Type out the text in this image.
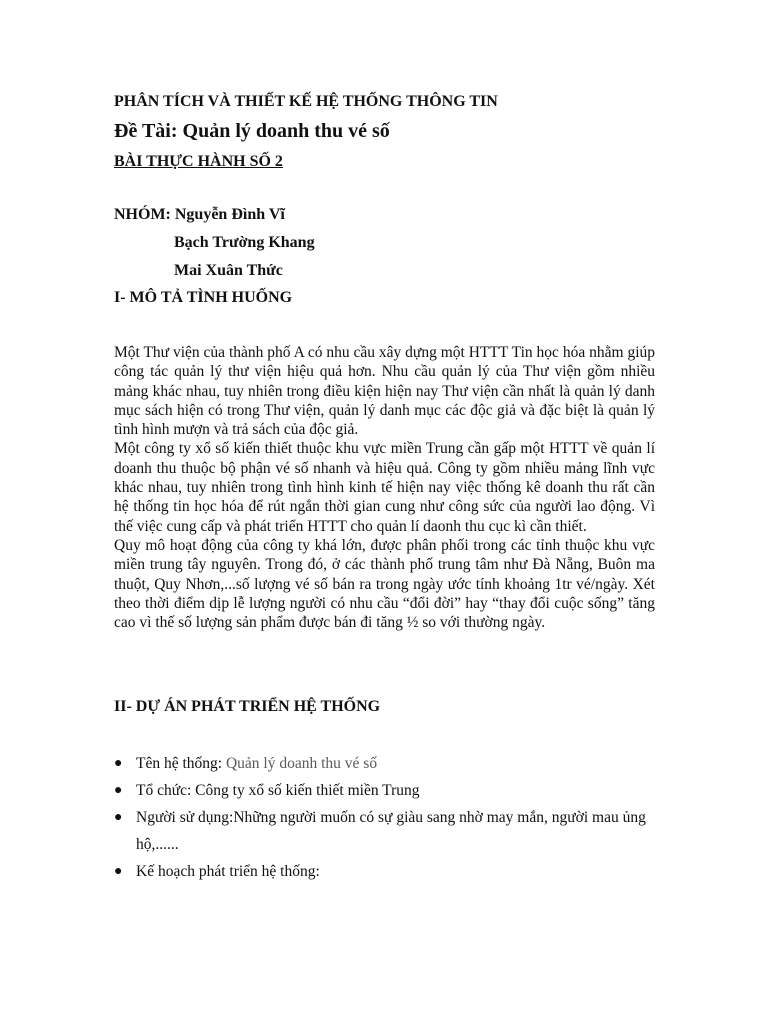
PHÂN TÍCH VÀ THIẾT KẾ HỆ THỐNG THÔNG TIN
Đề Tài: Quản lý doanh thu vé số
BÀI THỰC HÀNH SỐ 2
NHÓM: Nguyễn Đình Vĩ
Bạch Trường Khang
Mai Xuân Thức
I- MÔ TẢ TÌNH HUỐNG

Một Thư viện của thành phố A có nhu cầu xây dựng một HTTT Tin học hóa nhằm giúp công tác quản lý thư viện hiệu quả hơn. Nhu cầu quản lý của Thư viện gồm nhiều mảng khác nhau, tuy nhiên trong điều kiện hiện nay Thư viện cần nhất là quản lý danh mục sách hiện có trong Thư viện, quản lý danh mục các độc giả và đặc biệt là quản lý tình hình mượn và trả sách của độc giả.

Một công ty xổ số kiến thiết thuộc khu vực miền Trung cần gấp một HTTT về quản lí doanh thu thuộc bộ phận vé số nhanh và hiệu quả. Công ty gồm nhiều mảng lĩnh vực khác nhau, tuy nhiên trong tình hình kinh tế hiện nay việc thống kê doanh thu rất cần hệ thống tin học hóa để rút ngắn thời gian cung như công sức của người lao động. Vì thế việc cung cấp và phát triển HTTT cho quản lí daonh thu cục kì cần thiết.

Quy mô hoạt động của công ty khá lớn, được phân phối trong các tỉnh thuộc khu vực miền trung tây nguyên. Trong đó, ở các thành phố trung tâm như Đà Nẵng, Buôn ma thuột, Quy Nhơn,...số lượng vé số bán ra trong ngày ước tính khoảng 1tr vé/ngày. Xét theo thời điểm dịp lễ lượng người có nhu cầu “đổi đời” hay “thay đổi cuộc sống” tăng cao vì thế số lượng sản phẩm được bán đi tăng ½ so với thường ngày.

II- DỰ ÁN PHÁT TRIỂN HỆ THỐNG
● Tên hệ thống: Quản lý doanh thu vé số
● Tổ chức: Công ty xổ số kiến thiết miền Trung
● Người sử dụng:Những người muốn có sự giàu sang nhờ may mắn, người mau ủng hộ,......
● Kế hoạch phát triển hệ thống:
